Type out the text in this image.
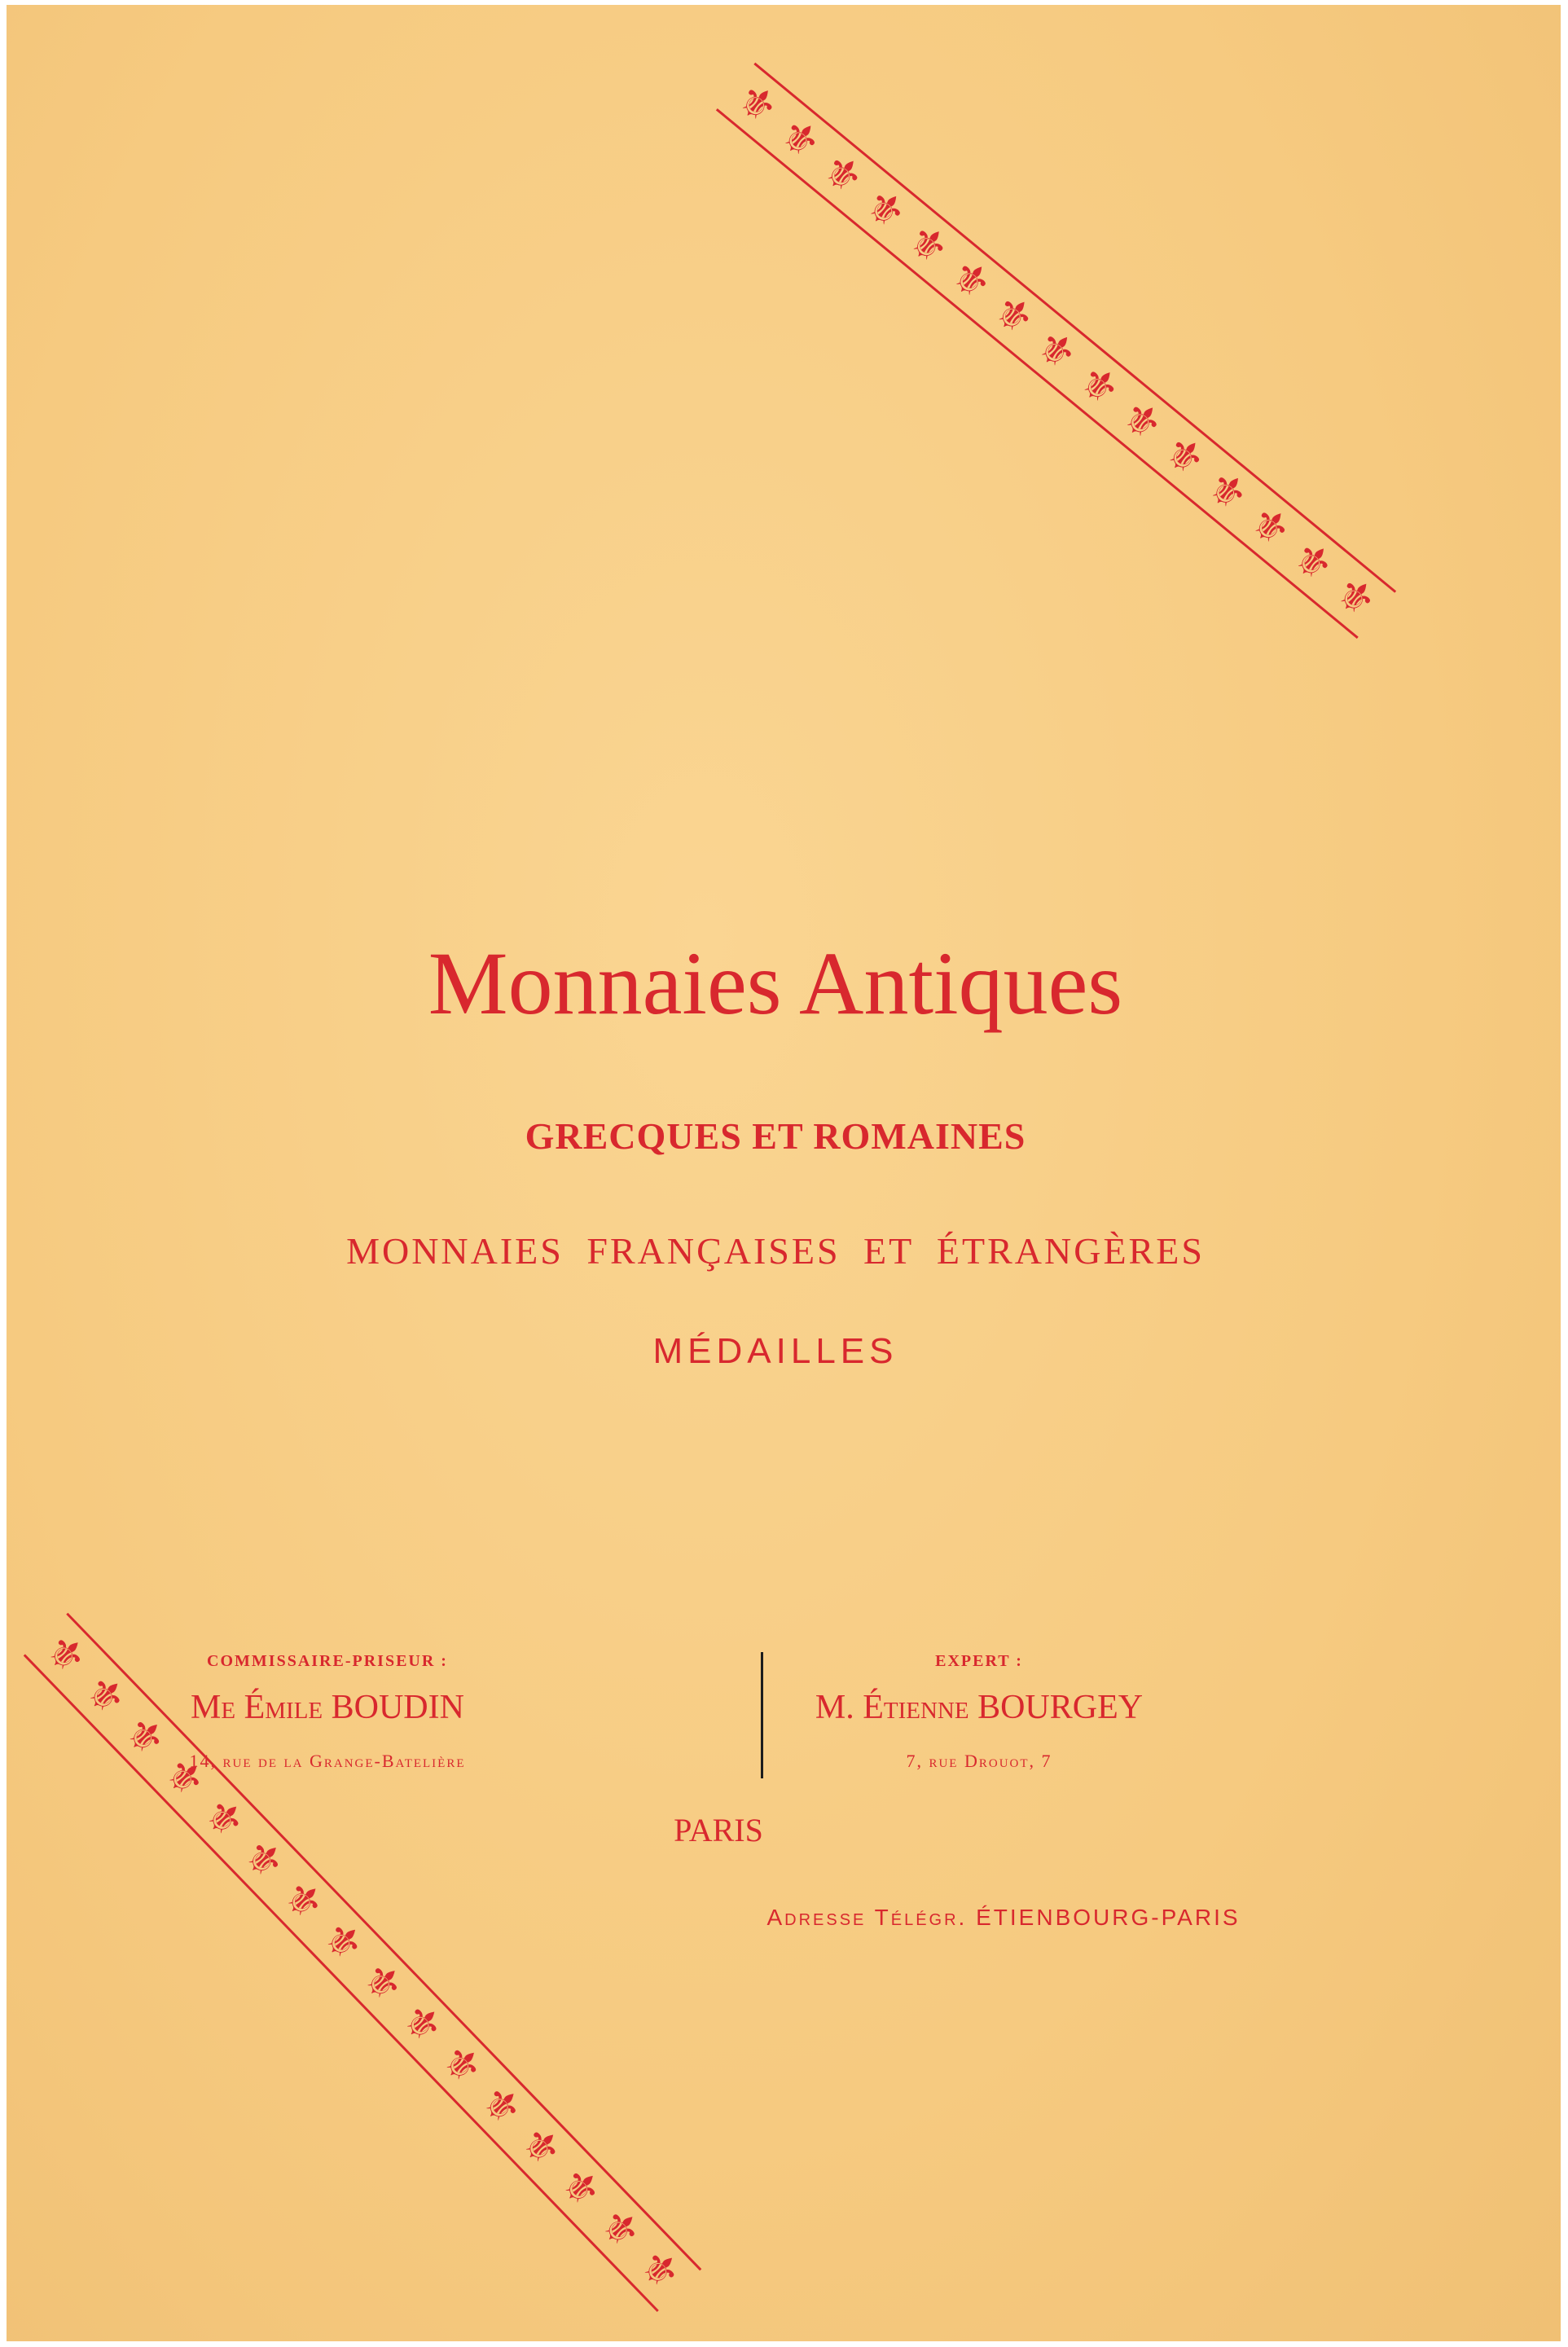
⚜
⚜
⚜
⚜
⚜
⚜
⚜
⚜
⚜
⚜
⚜
⚜
⚜
⚜
⚜
⚜
⚜
⚜
⚜
⚜
⚜
⚜
⚜
⚜
⚜
⚜
⚜
⚜
⚜
⚜
⚜
Monnaies Antiques
GRECQUES ET ROMAINES
MONNAIES FRANÇAISES ET ÉTRANGÈRES
MÉDAILLES
COMMISSAIRE-PRISEUR :
Me Émile BOUDIN
14, rue de la Grange-Batelière
EXPERT :
M. Étienne BOURGEY
7, rue Drouot, 7
PARIS
Adresse Télégr. ÉTIENBOURG-PARIS
